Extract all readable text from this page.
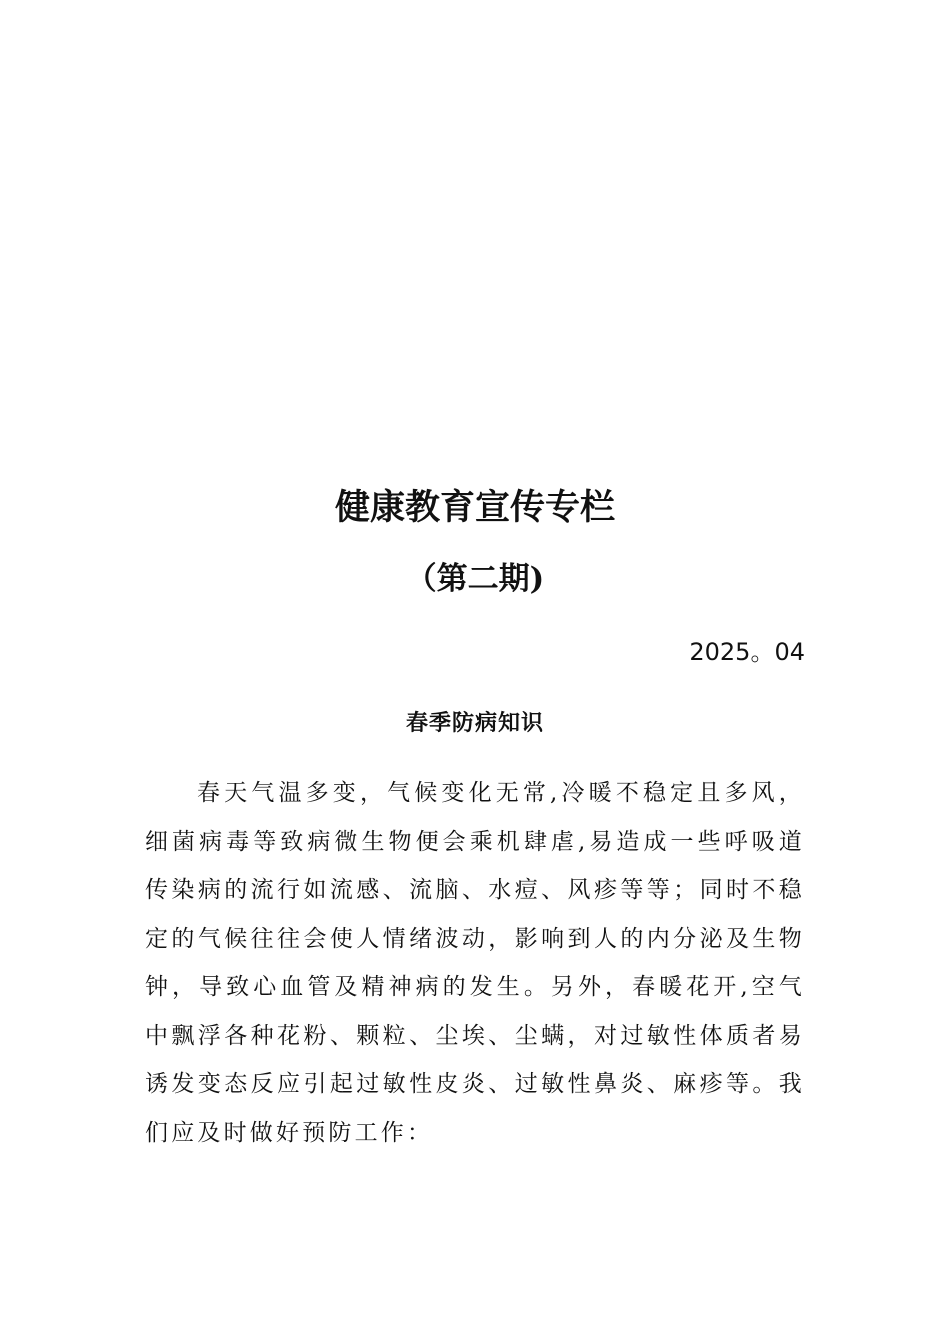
健康教育宣传专栏
（第二期)
2025。04
春季防病知识

春天气温多变，气候变化无常,冷暖不稳定且多风，细菌病毒等致病微生物便会乘机肆虐,易造成一些呼吸道传染病的流行如流感、流脑、水痘、风疹等等；同时不稳定的气候往往会使人情绪波动，影响到人的内分泌及生物钟，导致心血管及精神病的发生。另外，春暖花开,空气中飘浮各种花粉、颗粒、尘埃、尘螨，对过敏性体质者易诱发变态反应引起过敏性皮炎、过敏性鼻炎、麻疹等。我们应及时做好预防工作：
